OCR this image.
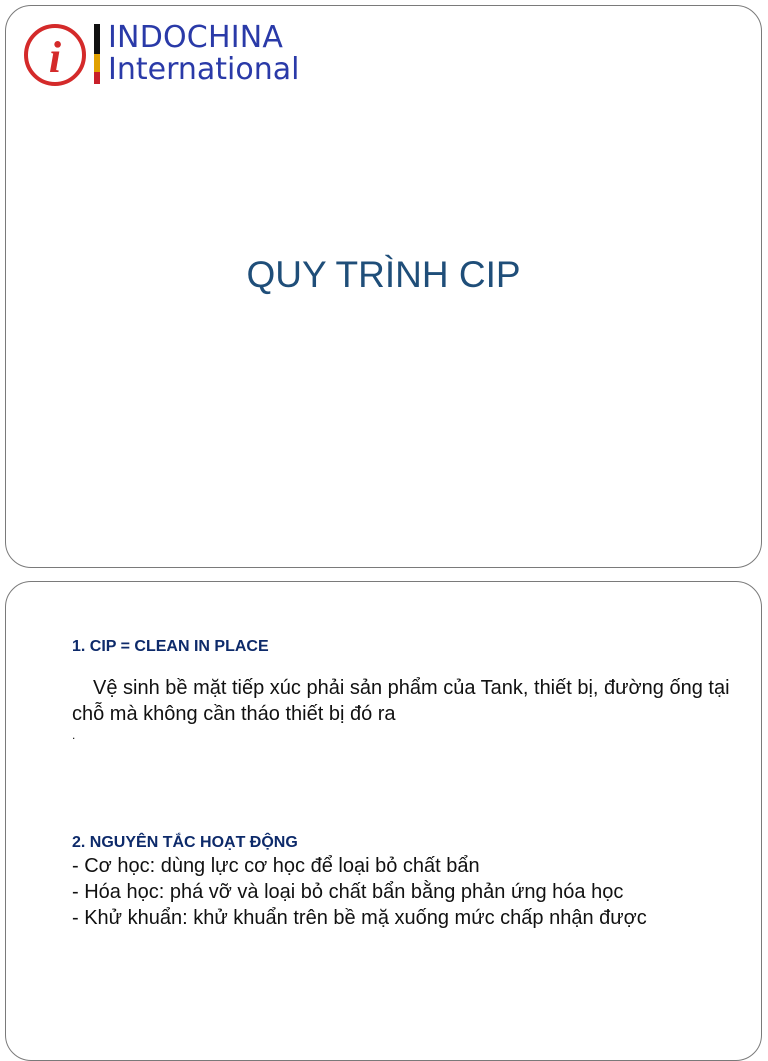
i INDOCHINA
International
QUY TRÌNH CIP
1. CIP = CLEAN IN PLACE
Vệ sinh bề mặt tiếp xúc phải sản phẩm của Tank, thiết bị, đường ống tại chỗ mà không cần tháo thiết bị đó ra
.
2. NGUYÊN TẮC HOẠT ĐỘNG
- Cơ học: dùng lực cơ học để loại bỏ chất bẩn
- Hóa học: phá vỡ và loại bỏ chất bẩn bằng phản ứng hóa học
- Khử khuẩn: khử khuẩn trên bề mặ xuống mức chấp nhận được
